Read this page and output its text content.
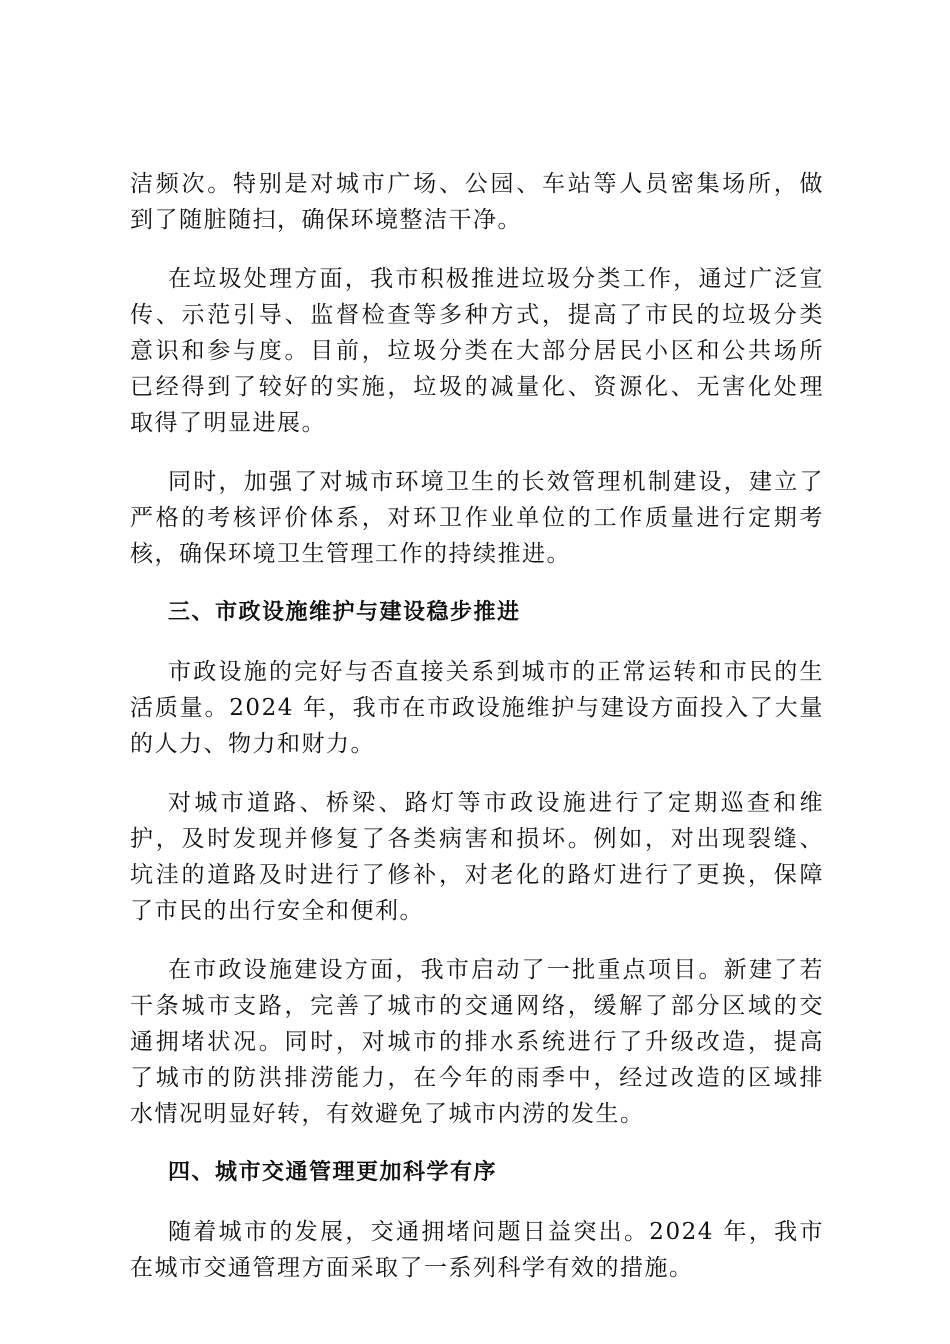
洁频次。特别是对城市广场、公园、车站等人员密集场所，做
到了随脏随扫，确保环境整洁干净。
在垃圾处理方面，我市积极推进垃圾分类工作，通过广泛宣
传、示范引导、监督检查等多种方式，提高了市民的垃圾分类
意识和参与度。目前，垃圾分类在大部分居民小区和公共场所
已经得到了较好的实施，垃圾的减量化、资源化、无害化处理
取得了明显进展。
同时，加强了对城市环境卫生的长效管理机制建设，建立了
严格的考核评价体系，对环卫作业单位的工作质量进行定期考
核，确保环境卫生管理工作的持续推进。
三、市政设施维护与建设稳步推进
市政设施的完好与否直接关系到城市的正常运转和市民的生
活质量。2024 年，我市在市政设施维护与建设方面投入了大量
的人力、物力和财力。
对城市道路、桥梁、路灯等市政设施进行了定期巡查和维
护，及时发现并修复了各类病害和损坏。例如，对出现裂缝、
坑洼的道路及时进行了修补，对老化的路灯进行了更换，保障
了市民的出行安全和便利。
在市政设施建设方面，我市启动了一批重点项目。新建了若
干条城市支路，完善了城市的交通网络，缓解了部分区域的交
通拥堵状况。同时，对城市的排水系统进行了升级改造，提高
了城市的防洪排涝能力，在今年的雨季中，经过改造的区域排
水情况明显好转，有效避免了城市内涝的发生。
四、城市交通管理更加科学有序
随着城市的发展，交通拥堵问题日益突出。2024 年，我市
在城市交通管理方面采取了一系列科学有效的措施。
